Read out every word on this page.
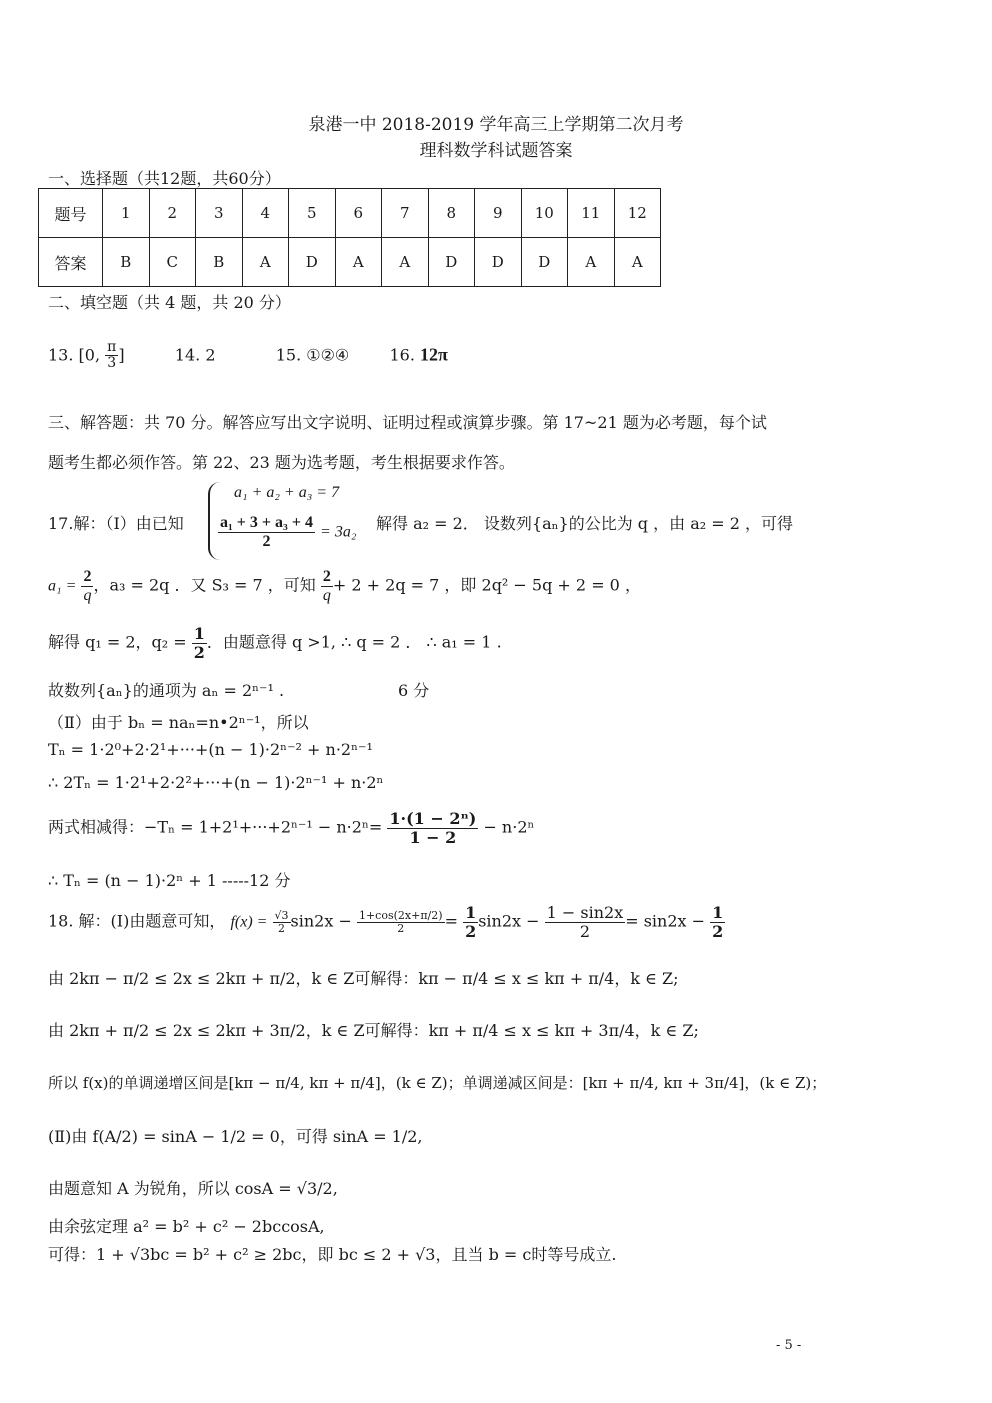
泉港一中 2018-2019 学年高三上学期第二次月考
理科数学科试题答案
一、选择题（共12题，共60分）
题号	1	2	3	4	5	6	7	8	9	10	11	12
答案	B	C	B	A	D	A	A	D	D	D	A	A
二、填空题（共 4 题，共 20 分）
13. [0, $\frac{\pi}{3}$ ]	14. 2	15. ①②④	16. 12π
三、解答题：共 70 分。解答应写出文字说明、证明过程或演算步骤。第 17~21 题为必考题，每个试
题考生都必须作答。第 22、23 题为选考题，考生根据要求作答。
17.解：（Ⅰ）由已知
a₁ + a₂ + a₃ = 7
$\frac{\text{a₁ + 3 + a₃ + 4}}{2} = 3a_2$ 解得 a₂ = 2． 设数列{aₙ}的公比为 q ，由 a₂ = 2 ，可得
$a_1 = \frac{2}{q}$ ，a₃ = 2q ．又 S₃ = 7 ，可知 $\frac{2}{q} + 2 + 2q = 7$ ，即 2q² − 5q + 2 = 0 ，
解得 q₁ = 2，$q_2 = \frac{1}{2}$ ．由题意得 q >1, ∴ q = 2 ． ∴ a₁ = 1 .
故数列{aₙ}的通项为 aₙ = 2ⁿ⁻¹ .	6 分
（Ⅱ）由于 bₙ = naₙ=n•2ⁿ⁻¹，所以
Tₙ = 1·2⁰+2·2¹+···+(n − 1)·2ⁿ⁻² + n·2ⁿ⁻¹
∴ 2Tₙ = 1·2¹+2·2²+···+(n − 1)·2ⁿ⁻¹ + n·2ⁿ
两式相减得：$-T_n = 1+2^1+\cdot\cdot\cdot+2^{n-1} - n\cdot 2^n= \frac{\text{1·(1 − 2ⁿ)}}{1 - 2} - n\cdot 2^n$
∴ Tₙ = (n − 1)·2ⁿ + 1 -----12 分
18. 解：(Ⅰ)由题意可知， $f(x) = \frac{√3}{2} \sin 2x - \frac{1+\cos(2x+\pi/2)}{2} = \frac{1}{2} \sin 2x - \frac{1 - \sin 2x}{2} = \sin 2x - \frac{1}{2}$
由 2kπ − π/2 ≤ 2x ≤ 2kπ + π/2，k ∈ Z可解得：kπ − π/4 ≤ x ≤ kπ + π/4，k ∈ Z;
由 2kπ + π/2 ≤ 2x ≤ 2kπ + 3π/2，k ∈ Z可解得：kπ + π/4 ≤ x ≤ kπ + 3π/4，k ∈ Z;
所以 f(x)的单调递增区间是[kπ − π/4, kπ + π/4]，(k ∈ Z)；单调递减区间是：[kπ + π/4, kπ + 3π/4]，(k ∈ Z)；
(Ⅱ)由 f(A/2) = sinA − 1/2 = 0，可得 sinA = 1/2,
由题意知 A 为锐角，所以 cosA = √3/2,
由余弦定理 a² = b² + c² − 2bccosA,
可得：1 + √3bc = b² + c² ≥ 2bc，即 bc ≤ 2 + √3，且当 b = c时等号成立.
- 5 -
